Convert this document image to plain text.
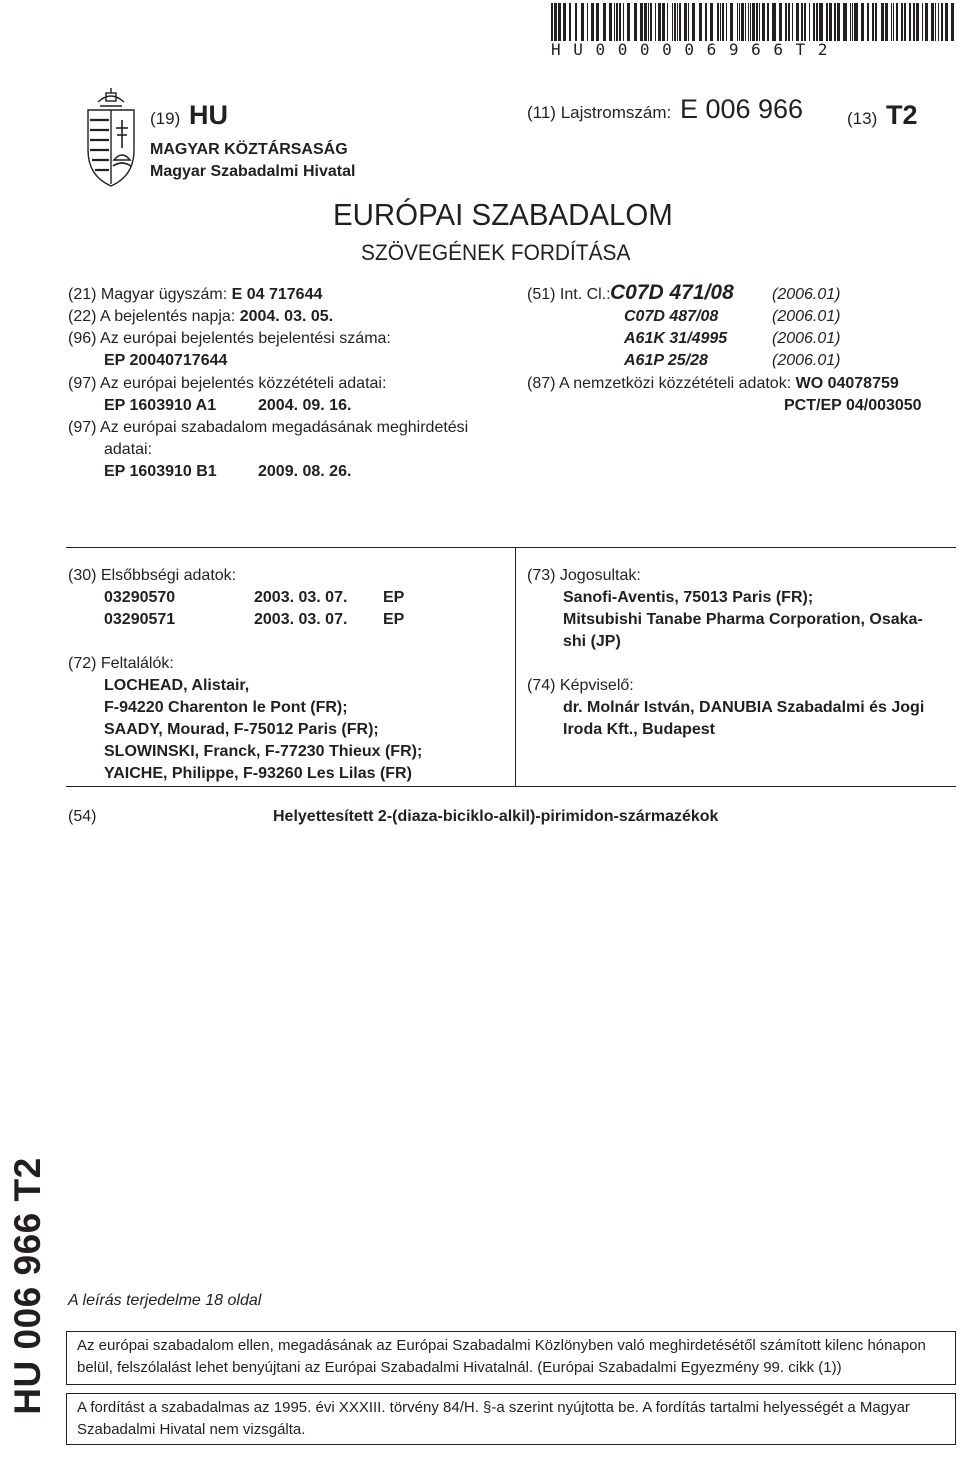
HU000006966T2
(19) HU	(11) Lajstromszám: E 006 966	(13) T2
MAGYAR KÖZTÁRSASÁG
Magyar Szabadalmi Hivatal
EURÓPAI SZABADALOM
SZÖVEGÉNEK FORDÍTÁSA
(21) Magyar ügyszám: E 04 717644
(22) A bejelentés napja: 2004. 03. 05.
(96) Az európai bejelentés bejelentési száma:
EP 20040717644
(97) Az európai bejelentés közzétételi adatai:
EP 1603910 A1	2004. 09. 16.
(97) Az európai szabadalom megadásának meghirdetési
adatai:
EP 1603910 B1	2009. 08. 26.
(51) Int. Cl.: C07D 471/08 (2006.01)
C07D 487/08	(2006.01)
A61K 31/4995	(2006.01)
A61P 25/28	(2006.01)
(87) A nemzetközi közzétételi adatok: WO 04078759
PCT/EP 04/003050
(30) Elsőbbségi adatok:
03290570	2003. 03. 07. EP
03290571	2003. 03. 07. EP
(72) Feltalálók:
LOCHEAD, Alistair,
F-94220 Charenton le Pont (FR);
SAADY, Mourad, F-75012 Paris (FR);
SLOWINSKI, Franck, F-77230 Thieux (FR);
YAICHE, Philippe, F-93260 Les Lilas (FR)
(73) Jogosultak:
Sanofi-Aventis, 75013 Paris (FR);
Mitsubishi Tanabe Pharma Corporation, Osaka-
shi (JP)
(74) Képviselő:
dr. Molnár István, DANUBIA Szabadalmi és Jogi
Iroda Kft., Budapest
(54)	Helyettesített 2-(diaza-biciklo-alkil)-pirimidon-származékok
HU 006 966 T2 A leírás terjedelme 18 oldal
Az európai szabadalom ellen, megadásának az Európai Szabadalmi Közlönyben való meghirdetésétől számított kilenc hónapon belül, felszólalást lehet benyújtani az Európai Szabadalmi Hivatalnál. (Európai Szabadalmi Egyezmény 99. cikk (1))
A fordítást a szabadalmas az 1995. évi XXXIII. törvény 84/H. §-a szerint nyújtotta be. A fordítás tartalmi helyességét a Magyar Szabadalmi Hivatal nem vizsgálta.
